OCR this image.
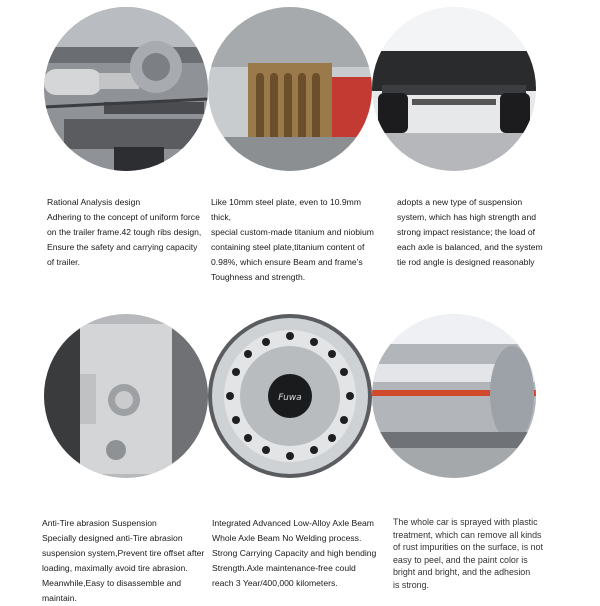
Fuwa
Rational Analysis design
Adhering to the concept of uniform force
on the trailer frame.42 tough ribs design,
Ensure the safety and carrying capacity
of trailer.
Like 10mm steel plate, even to 10.9mm thick,
special custom-made titanium and niobium
containing steel plate,titanium content of
0.98%, which ensure Beam and frame's
Toughness and strength.
adopts a new type of suspension
system, which has high strength and
strong impact resistance; the load of
each axle is balanced, and the system
tie rod angle is designed reasonably
Anti-Tire abrasion Suspension
Specially designed anti-Tire abrasion
suspension system,Prevent tire offset after
loading, maximally avoid tire abrasion.
Meanwhile,Easy to disassemble and
maintain.
Integrated Advanced Low-Alloy Axle Beam
Whole Axle Beam No Welding process.
Strong Carrying Capacity and high bending
Strength.Axle maintenance-free could
reach 3 Year/400,000 kilometers.
The whole car is sprayed with plastic
treatment, which can remove all kinds
of rust impurities on the surface, is not
easy to peel, and the paint color is
bright and bright, and the adhesion
is strong.
